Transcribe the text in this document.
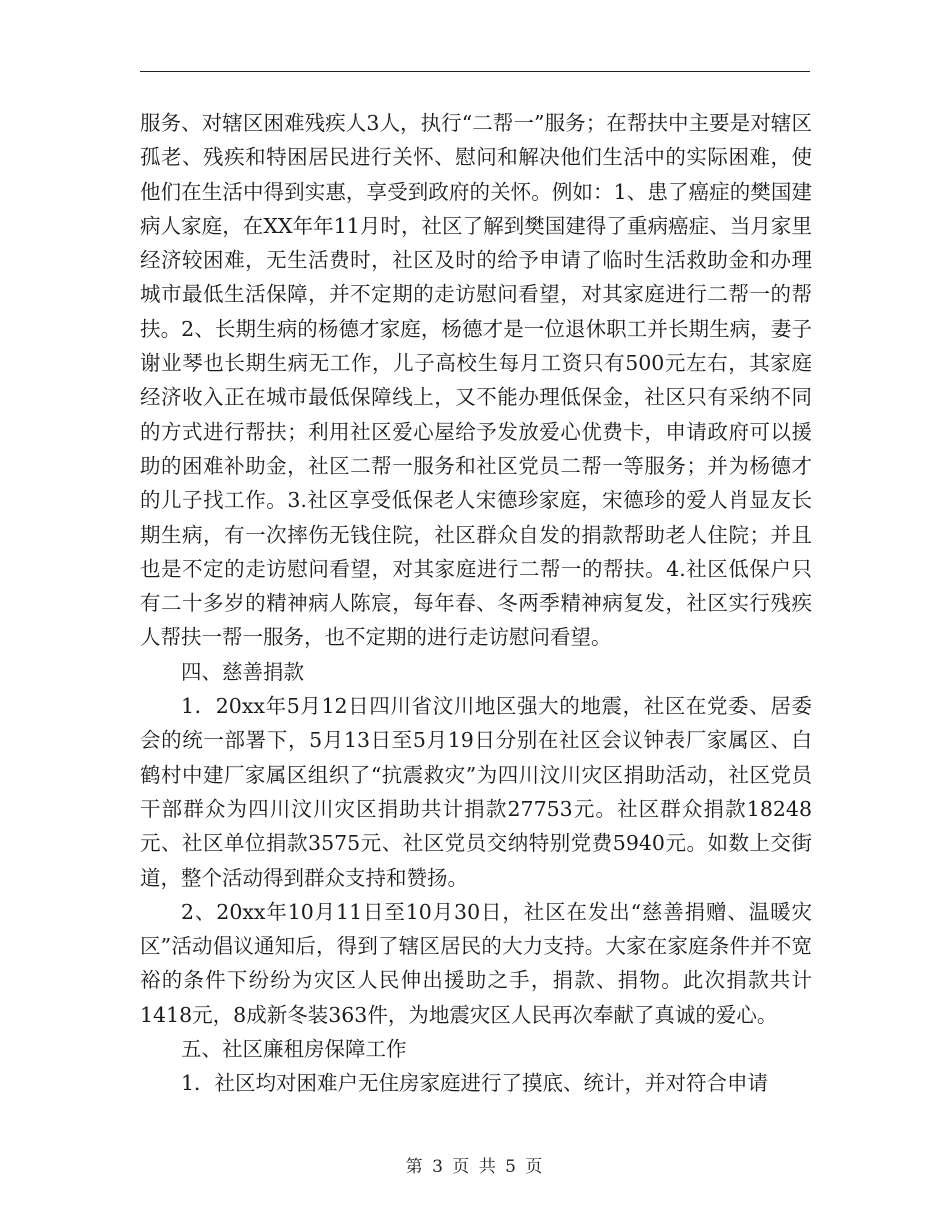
服务、对辖区困难残疾人3人，执行“二帮一”服务；在帮扶中主要是对辖区孤老、残疾和特困居民进行关怀、慰问和解决他们生活中的实际困难，使他们在生活中得到实惠，享受到政府的关怀。例如：1、患了癌症的樊国建病人家庭，在XX年年11月时，社区了解到樊国建得了重病癌症、当月家里经济较困难，无生活费时，社区及时的给予申请了临时生活救助金和办理城市最低生活保障，并不定期的走访慰问看望，对其家庭进行二帮一的帮扶。2、长期生病的杨德才家庭，杨德才是一位退休职工并长期生病，妻子谢业琴也长期生病无工作，儿子高校生每月工资只有500元左右，其家庭经济收入正在城市最低保障线上，又不能办理低保金，社区只有采纳不同的方式进行帮扶；利用社区爱心屋给予发放爱心优费卡，申请政府可以援助的困难补助金，社区二帮一服务和社区党员二帮一等服务；并为杨德才的儿子找工作。3.社区享受低保老人宋德珍家庭，宋德珍的爱人肖显友长期生病，有一次摔伤无钱住院，社区群众自发的捐款帮助老人住院；并且也是不定的走访慰问看望，对其家庭进行二帮一的帮扶。4.社区低保户只有二十多岁的精神病人陈宸，每年春、冬两季精神病复发，社区实行残疾人帮扶一帮一服务，也不定期的进行走访慰问看望。

四、慈善捐款

1．20xx年5月12日四川省汶川地区强大的地震，社区在党委、居委会的统一部署下，5月13日至5月19日分别在社区会议钟表厂家属区、白鹤村中建厂家属区组织了“抗震救灾”为四川汶川灾区捐助活动，社区党员干部群众为四川汶川灾区捐助共计捐款27753元。社区群众捐款18248元、社区单位捐款3575元、社区党员交纳特别党费5940元。如数上交街道，整个活动得到群众支持和赞扬。

2、20xx年10月11日至10月30日，社区在发出“慈善捐赠、温暖灾区”活动倡议通知后，得到了辖区居民的大力支持。大家在家庭条件并不宽裕的条件下纷纷为灾区人民伸出援助之手，捐款、捐物。此次捐款共计1418元，8成新冬装363件，为地震灾区人民再次奉献了真诚的爱心。

五、社区廉租房保障工作

1．社区均对困难户无住房家庭进行了摸底、统计，并对符合申请

第 3 页 共 5 页
